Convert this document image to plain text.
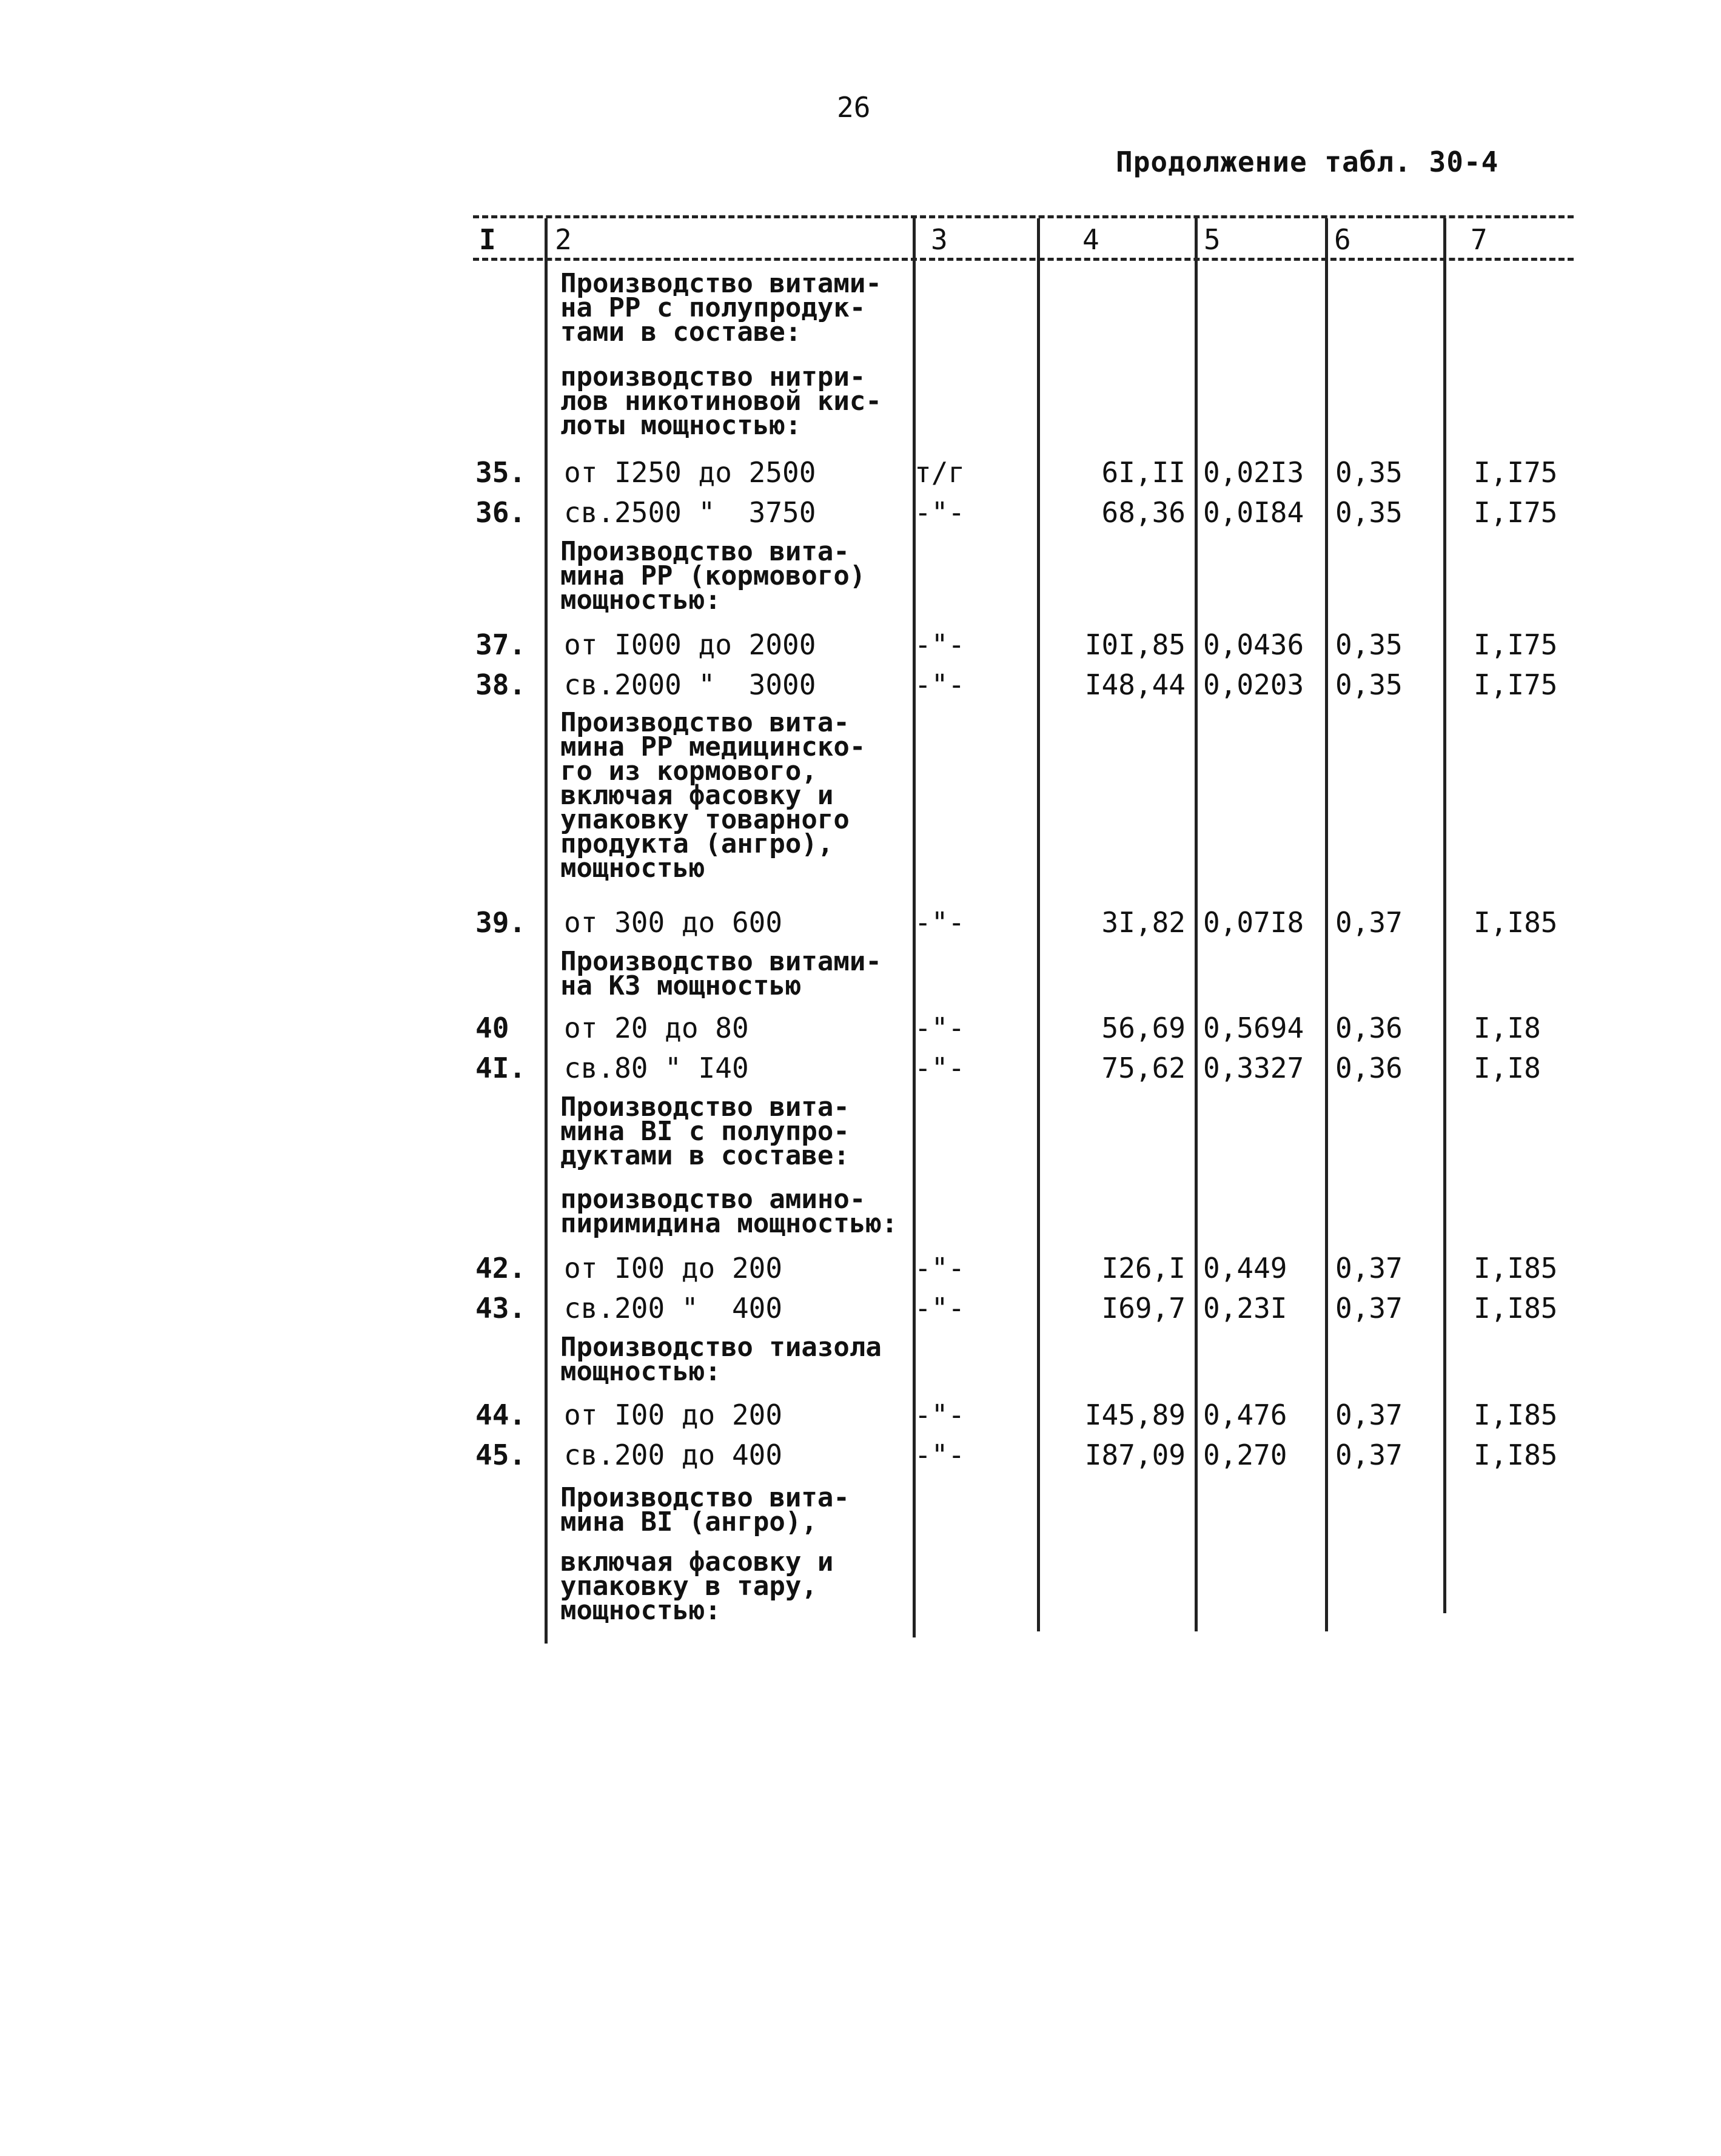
26
Продолжение табл. 30-4
I 2	3	4	5	6	7
Производство витами-
на PP с полупродук-
тами в составе:
производство нитри-
лов никотиновой кис-
лоты мощностью:
35.	от I250 до 2500	т/г	6I,II 0,02I3	0,35	I,I75
36.	св.2500 "  3750	-"-	68,36 0,0I84	0,35	I,I75
Производство вита-
мина PP (кормового)
мощностью:
37.	от I000 до 2000	-"-	I0I,85 0,0436	0,35	I,I75
38.	св.2000 "  3000	-"-	I48,44 0,0203	0,35	I,I75
Производство вита-
мина PP медицинско-
го из кормового,
включая фасовку и
упаковку товарного
продукта (ангро),
мощностью
39.	от 300 до 600	-"-	3I,82 0,07I8	0,37	I,I85
Производство витами-
на K3 мощностью
40	от 20 до 80	-"-	56,69 0,5694	0,36	I,I8
4I.	св.80 " I40	-"-	75,62 0,3327	0,36	I,I8
Производство вита-
мина BI с полупро-
дуктами в составе:
производство амино-
пиримидина мощностью:
42.	от I00 до 200	-"-	I26,I 0,449	0,37	I,I85
43.	св.200 "  400	-"-	I69,7 0,23I	0,37	I,I85
Производство тиазола
мощностью:
44.	от I00 до 200	-"-	I45,89 0,476	0,37	I,I85
45.	св.200 до 400	-"-	I87,09 0,270	0,37	I,I85
Производство вита-
мина BI (ангро),
включая фасовку и
упаковку в тару,
мощностью:
